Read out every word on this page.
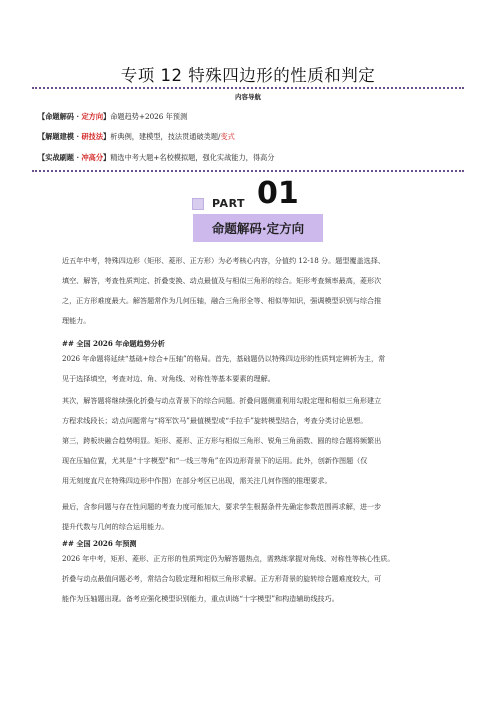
专项 12 特殊四边形的性质和判定
内容导航
【命题解码 · 定方向】命题趋势+2026 年预测
【解题建模 · 研技法】析典例，建模型，技法贯通破类题/变式
【实战刷题 · 冲高分】精选中考大题+名校模拟题，强化实战能力，得高分
PART 01
命题解码·定方向
近五年中考，特殊四边形（矩形、菱形、正方形）为必考核心内容，分值约 12-18 分。题型覆盖选择、
填空、解答，考查性质判定、折叠变换、动点最值及与相似三角形的综合。矩形考查频率最高，菱形次
之，正方形难度最大。解答题常作为几何压轴，融合三角形全等、相似等知识，强调模型识别与综合推
理能力。
## 全国 2026 年命题趋势分析
2026 年命题将延续“基础+综合+压轴”的格局。首先，基础题仍以特殊四边形的性质判定辨析为主，常
见于选择填空，考查对边、角、对角线、对称性等基本要素的理解。
其次，解答题将继续强化折叠与动点背景下的综合问题。折叠问题侧重利用勾股定理和相似三角形建立
方程求线段长；动点问题常与“将军饮马”最值模型或“手拉手”旋转模型结合，考查分类讨论思想。
第三，跨板块融合趋势明显。矩形、菱形、正方形与相似三角形、锐角三角函数、圆的综合题将频繁出
现在压轴位置，尤其是“十字模型”和“一线三等角”在四边形背景下的运用。此外，创新作图题（仅
用无刻度直尺在特殊四边形中作图）在部分考区已出现，需关注几何作图的推理要求。
最后，含参问题与存在性问题的考查力度可能加大，要求学生根据条件先确定参数范围再求解，进一步
提升代数与几何的综合运用能力。
## 全国 2026 年预测
2026 年中考，矩形、菱形、正方形的性质判定仍为解答题热点，需熟练掌握对角线、对称性等核心性质。
折叠与动点最值问题必考，常结合勾股定理和相似三角形求解。正方形背景的旋转综合题难度较大，可
能作为压轴题出现。备考应强化模型识别能力，重点训练“十字模型”和构造辅助线技巧。
